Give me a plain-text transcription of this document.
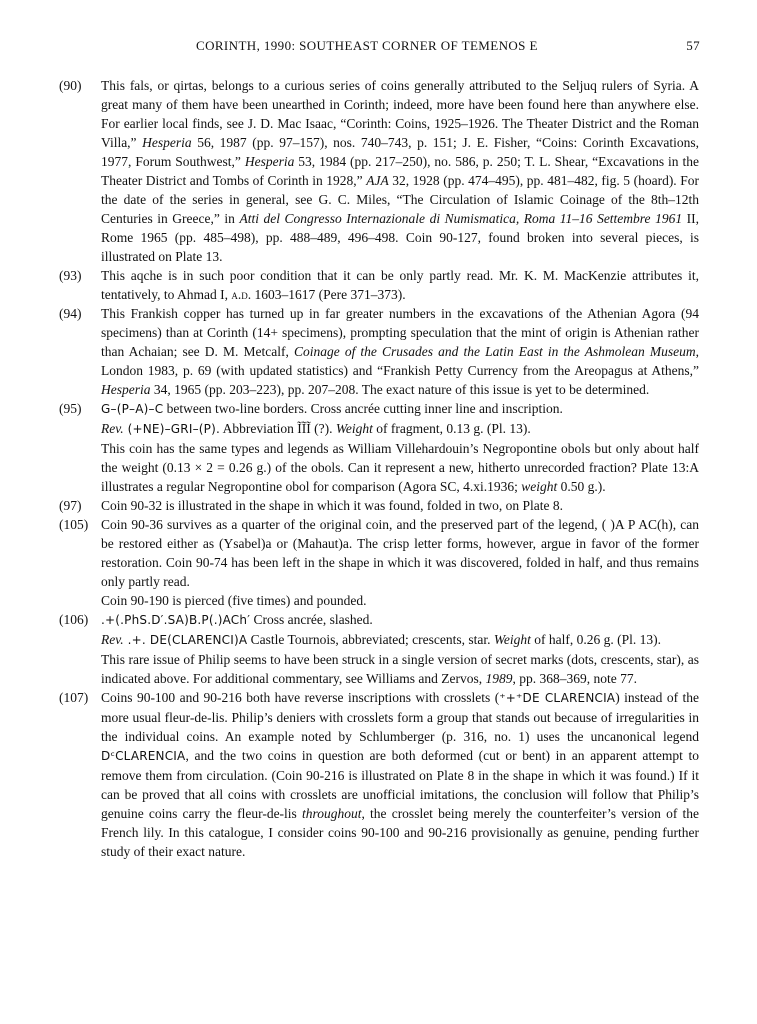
CORINTH, 1990: SOUTHEAST CORNER OF TEMENOS E	57
(90) This fals, or qirtas, belongs to a curious series of coins generally attributed to the Seljuq rulers of Syria. A great many of them have been unearthed in Corinth; indeed, more have been found here than anywhere else. For earlier local finds, see J. D. Mac Isaac, “Corinth: Coins, 1925–1926. The Theater District and the Roman Villa,” Hesperia 56, 1987 (pp. 97–157), nos. 740–743, p. 151; J. E. Fisher, “Coins: Corinth Excavations, 1977, Forum Southwest,” Hesperia 53, 1984 (pp. 217–250), no. 586, p. 250; T. L. Shear, “Excavations in the Theater District and Tombs of Corinth in 1928,” AJA 32, 1928 (pp. 474–495), pp. 481–482, fig. 5 (hoard). For the date of the series in general, see G. C. Miles, “The Circulation of Islamic Coinage of the 8th–12th Centuries in Greece,” in Atti del Congresso Internazionale di Numismatica, Roma 11–16 Settembre 1961 II, Rome 1965 (pp. 485–498), pp. 488–489, 496–498. Coin 90-127, found broken into several pieces, is illustrated on Plate 13.
(93) This aqche is in such poor condition that it can be only partly read. Mr. K. M. MacKenzie attributes it, tentatively, to Ahmad I, a.d. 1603–1617 (Pere 371–373).
(94) This Frankish copper has turned up in far greater numbers in the excavations of the Athenian Agora (94 specimens) than at Corinth (14+ specimens), prompting speculation that the mint of origin is Athenian rather than Achaian; see D. M. Metcalf, Coinage of the Crusades and the Latin East in the Ashmolean Museum, London 1983, p. 69 (with updated statistics) and “Frankish Petty Currency from the Areopagus at Athens,” Hesperia 34, 1965 (pp. 203–223), pp. 207–208. The exact nature of this issue is yet to be determined.
(95) G–(P–A)–C between two-line borders. Cross ancrée cutting inner line and inscription.

Rev. (+NE)–GRI–(P). Abbreviation ĨĨĨ (?). Weight of fragment, 0.13 g. (Pl. 13).

This coin has the same types and legends as William Villehardouin’s Negropontine obols but only about half the weight (0.13 × 2 = 0.26 g.) of the obols. Can it represent a new, hitherto unrecorded fraction? Plate 13:A illustrates a regular Negropontine obol for comparison (Agora SC, 4.xi.1936; weight 0.50 g.).

(97) Coin 90-32 is illustrated in the shape in which it was found, folded in two, on Plate 8.
(105) Coin 90-36 survives as a quarter of the original coin, and the preserved part of the legend, ( )A P AC(h), can be restored either as (Ysabel)a or (Mahaut)a. The crisp letter forms, however, argue in favor of the former restoration. Coin 90-74 has been left in the shape in which it was discovered, folded in half, and thus remains only partly read.

Coin 90-190 is pierced (five times) and pounded.

(106) .+(.PhS.D′.SA)B.P(.)ACh′ Cross ancrée, slashed.

Rev. .+. DE(CLARENCI)A Castle Tournois, abbreviated; crescents, star. Weight of half, 0.26 g. (Pl. 13).

This rare issue of Philip seems to have been struck in a single version of secret marks (dots, crescents, star), as indicated above. For additional commentary, see Williams and Zervos, 1989, pp. 368–369, note 77.

(107) Coins 90-100 and 90-216 both have reverse inscriptions with crosslets (⁺+⁺DE CLARENCIA) instead of the more usual fleur-de-lis. Philip’s deniers with crosslets form a group that stands out because of irregularities in the individual coins. An example noted by Schlumberger (p. 316, no. 1) uses the uncanonical legend DᶜCLARENCIA, and the two coins in question are both deformed (cut or bent) in an apparent attempt to remove them from circulation. (Coin 90-216 is illustrated on Plate 8 in the shape in which it was found.) If it can be proved that all coins with crosslets are unofficial imitations, the conclusion will follow that Philip’s genuine coins carry the fleur-de-lis throughout, the crosslet being merely the counterfeiter’s version of the French lily. In this catalogue, I consider coins 90-100 and 90-216 provisionally as genuine, pending further study of their exact nature.
